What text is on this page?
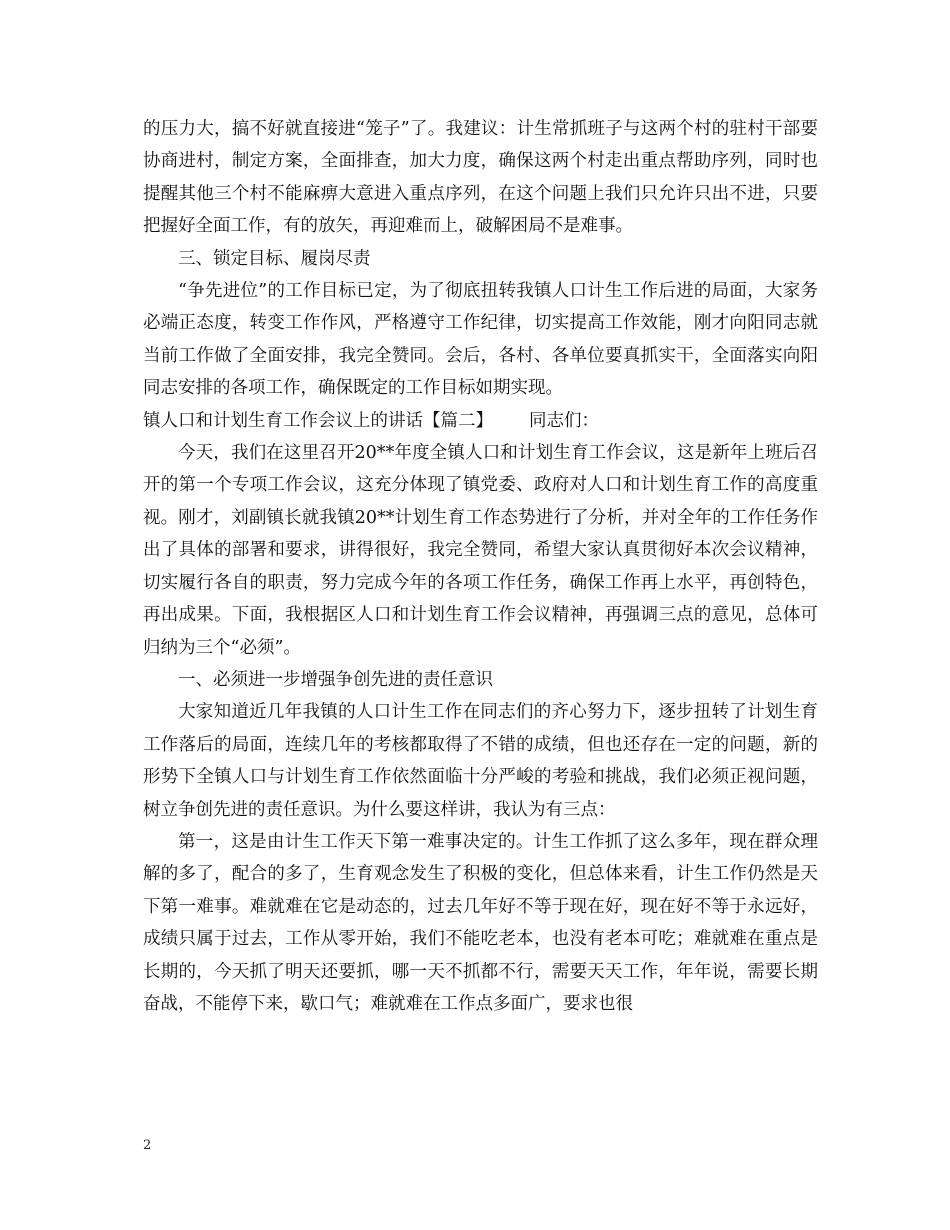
的压力大，搞不好就直接进“笼子”了。我建议：计生常抓班子与这两个村的驻村干部要协商进村，制定方案，全面排查，加大力度，确保这两个村走出重点帮助序列，同时也提醒其他三个村不能麻痹大意进入重点序列，在这个问题上我们只允许只出不进，只要把握好全面工作，有的放矢，再迎难而上，破解困局不是难事。

三、锁定目标、履岗尽责

“争先进位”的工作目标已定，为了彻底扭转我镇人口计生工作后进的局面，大家务必端正态度，转变工作作风，严格遵守工作纪律，切实提高工作效能，刚才向阳同志就当前工作做了全面安排，我完全赞同。会后，各村、各单位要真抓实干，全面落实向阳同志安排的各项工作，确保既定的工作目标如期实现。

镇人口和计划生育工作会议上的讲话【篇二】 同志们：

今天，我们在这里召开20**年度全镇人口和计划生育工作会议，这是新年上班后召开的第一个专项工作会议，这充分体现了镇党委、政府对人口和计划生育工作的高度重视。刚才，刘副镇长就我镇20**计划生育工作态势进行了分析，并对全年的工作任务作出了具体的部署和要求，讲得很好，我完全赞同，希望大家认真贯彻好本次会议精神，切实履行各自的职责，努力完成今年的各项工作任务，确保工作再上水平，再创特色，再出成果。下面，我根据区人口和计划生育工作会议精神，再强调三点的意见，总体可归纳为三个“必须”。

一、必须进一步增强争创先进的责任意识

大家知道近几年我镇的人口计生工作在同志们的齐心努力下，逐步扭转了计划生育工作落后的局面，连续几年的考核都取得了不错的成绩，但也还存在一定的问题，新的形势下全镇人口与计划生育工作依然面临十分严峻的考验和挑战，我们必须正视问题，树立争创先进的责任意识。为什么要这样讲，我认为有三点：

第一，这是由计生工作天下第一难事决定的。计生工作抓了这么多年，现在群众理解的多了，配合的多了，生育观念发生了积极的变化，但总体来看，计生工作仍然是天下第一难事。难就难在它是动态的，过去几年好不等于现在好，现在好不等于永远好，成绩只属于过去，工作从零开始，我们不能吃老本，也没有老本可吃；难就难在重点是长期的，今天抓了明天还要抓，哪一天不抓都不行，需要天天工作，年年说，需要长期奋战，不能停下来，歇口气；难就难在工作点多面广，要求也很

2
